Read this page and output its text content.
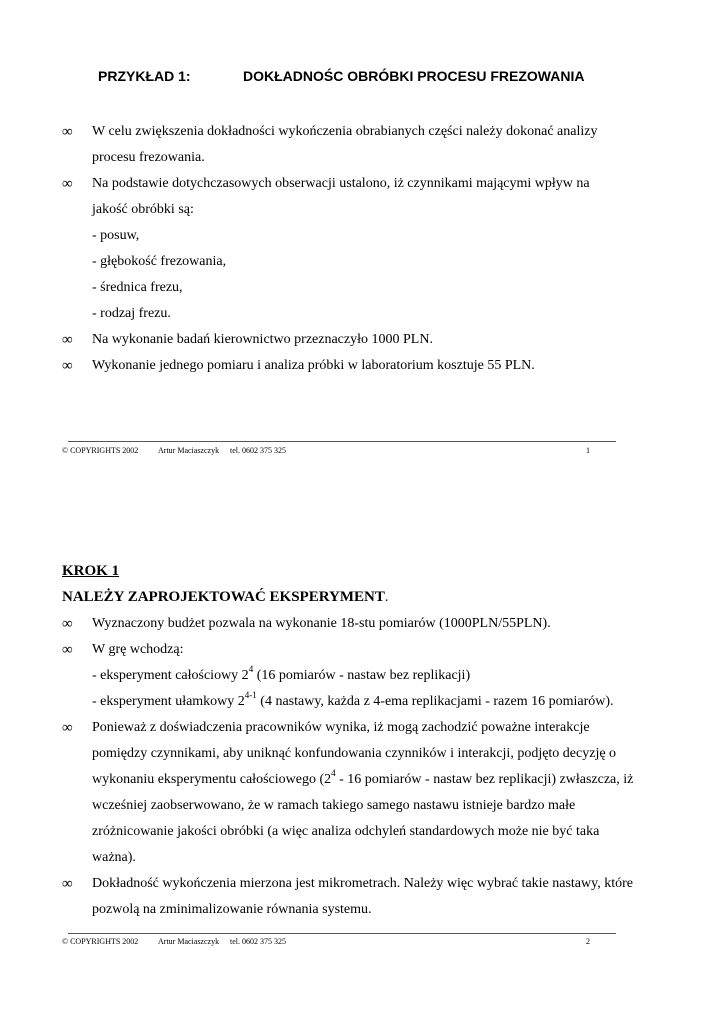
PRZYKŁAD 1:	DOKŁADNOŚC OBRÓBKI PROCESU FREZOWANIA
∞ W celu zwiększenia dokładności wykończenia obrabianych części należy dokonać analizy
procesu frezowania.
∞ Na podstawie dotychczasowych obserwacji ustalono, iż czynnikami mającymi wpływ na
jakość obróbki są:
- posuw,
- głębokość frezowania,
- średnica frezu,
- rodzaj frezu.
∞ Na wykonanie badań kierownictwo przeznaczyło 1000 PLN.
∞ Wykonanie jednego pomiaru i analiza próbki w laboratorium kosztuje 55 PLN.
© COPYRIGHTS 2002 Artur Maciaszczyk tel. 0602 375 325	1
KROK 1
NALEŻY ZAPROJEKTOWAĆ EKSPERYMENT.
∞ Wyznaczony budżet pozwala na wykonanie 18-stu pomiarów (1000PLN/55PLN).
∞ W grę wchodzą:
- eksperyment całościowy $2^4$ (16 pomiarów - nastaw bez replikacji)
- eksperyment ułamkowy 2$^{4-1}$ (4 nastawy, każda z 4-ema replikacjami - razem 16 pomiarów).
∞ Ponieważ z doświadczenia pracowników wynika, iż mogą zachodzić poważne interakcje
pomiędzy czynnikami, aby uniknąć konfundowania czynników i interakcji, podjęto decyzję o
wykonaniu eksperymentu całościowego ($2^4 - 16$ pomiarów - nastaw bez replikacji) zwłaszcza, iż
wcześniej zaobserwowano, że w ramach takiego samego nastawu istnieje bardzo małe
zróżnicowanie jakości obróbki (a więc analiza odchyleń standardowych może nie być taka
ważna).
∞ Dokładność wykończenia mierzona jest mikrometrach. Należy więc wybrać takie nastawy, które
pozwolą na zminimalizowanie równania systemu.
© COPYRIGHTS 2002 Artur Maciaszczyk tel. 0602 375 325	2
